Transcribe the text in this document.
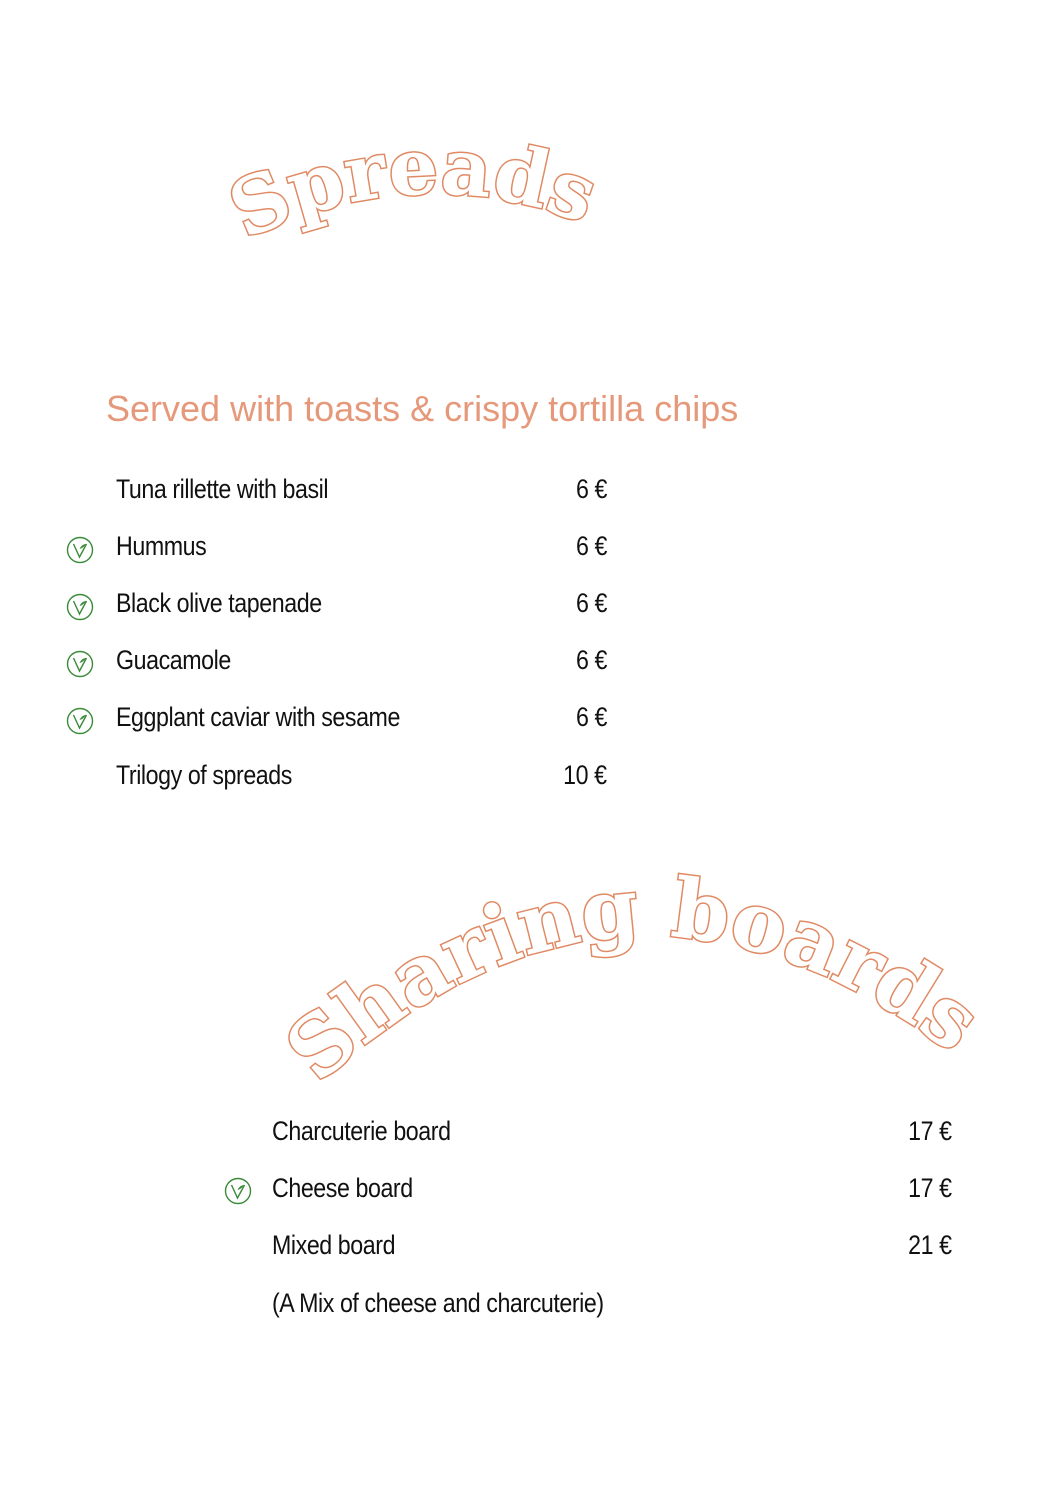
Spreads
Sharing boards
Served with toasts & crispy tortilla chips
Tuna rillette with basil	6 €
Hummus	6 €
Black olive tapenade	6 €
Guacamole	6 €
Eggplant caviar with sesame	6 €
Trilogy of spreads	10 €
Charcuterie board	17 €
Cheese board	17 €
Mixed board	21 €
(A Mix of cheese and charcuterie)
